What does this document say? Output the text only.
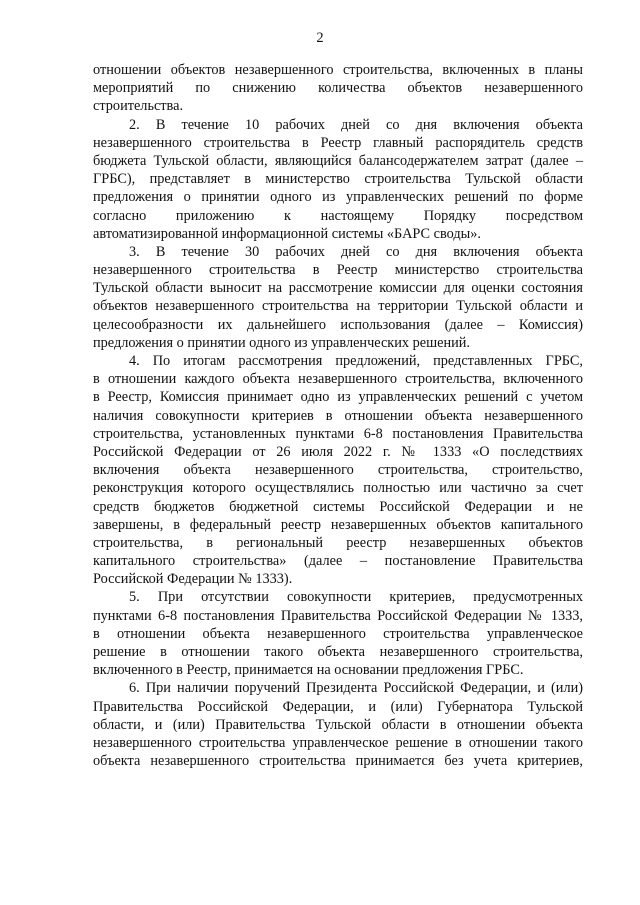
2
отношении объектов незавершенного строительства, включенных в планы
мероприятий по снижению количества объектов незавершенного
строительства.
2. В течение 10 рабочих дней со дня включения объекта
незавершенного строительства в Реестр главный распорядитель средств
бюджета Тульской области, являющийся балансодержателем затрат (далее –
ГРБС), представляет в министерство строительства Тульской области
предложения о принятии одного из управленческих решений по форме
согласно приложению к настоящему Порядку посредством
автоматизированной информационной системы «БАРС своды».
3. В течение 30 рабочих дней со дня включения объекта
незавершенного строительства в Реестр министерство строительства
Тульской области выносит на рассмотрение комиссии для оценки состояния
объектов незавершенного строительства на территории Тульской области и
целесообразности их дальнейшего использования (далее – Комиссия)
предложения о принятии одного из управленческих решений.
4. По итогам рассмотрения предложений, представленных ГРБС,
в отношении каждого объекта незавершенного строительства, включенного
в Реестр, Комиссия принимает одно из управленческих решений с учетом
наличия совокупности критериев в отношении объекта незавершенного
строительства, установленных пунктами 6-8 постановления Правительства
Российской Федерации от 26 июля 2022 г. № 1333 «О последствиях
включения объекта незавершенного строительства, строительство,
реконструкция которого осуществлялись полностью или частично за счет
средств бюджетов бюджетной системы Российской Федерации и не
завершены, в федеральный реестр незавершенных объектов капитального
строительства, в региональный реестр незавершенных объектов
капитального строительства» (далее – постановление Правительства
Российской Федерации № 1333).
5. При отсутствии совокупности критериев, предусмотренных
пунктами 6-8 постановления Правительства Российской Федерации № 1333,
в отношении объекта незавершенного строительства управленческое
решение в отношении такого объекта незавершенного строительства,
включенного в Реестр, принимается на основании предложения ГРБС.
6. При наличии поручений Президента Российской Федерации, и (или)
Правительства Российской Федерации, и (или) Губернатора Тульской
области, и (или) Правительства Тульской области в отношении объекта
незавершенного строительства управленческое решение в отношении такого
объекта незавершенного строительства принимается без учета критериев,
